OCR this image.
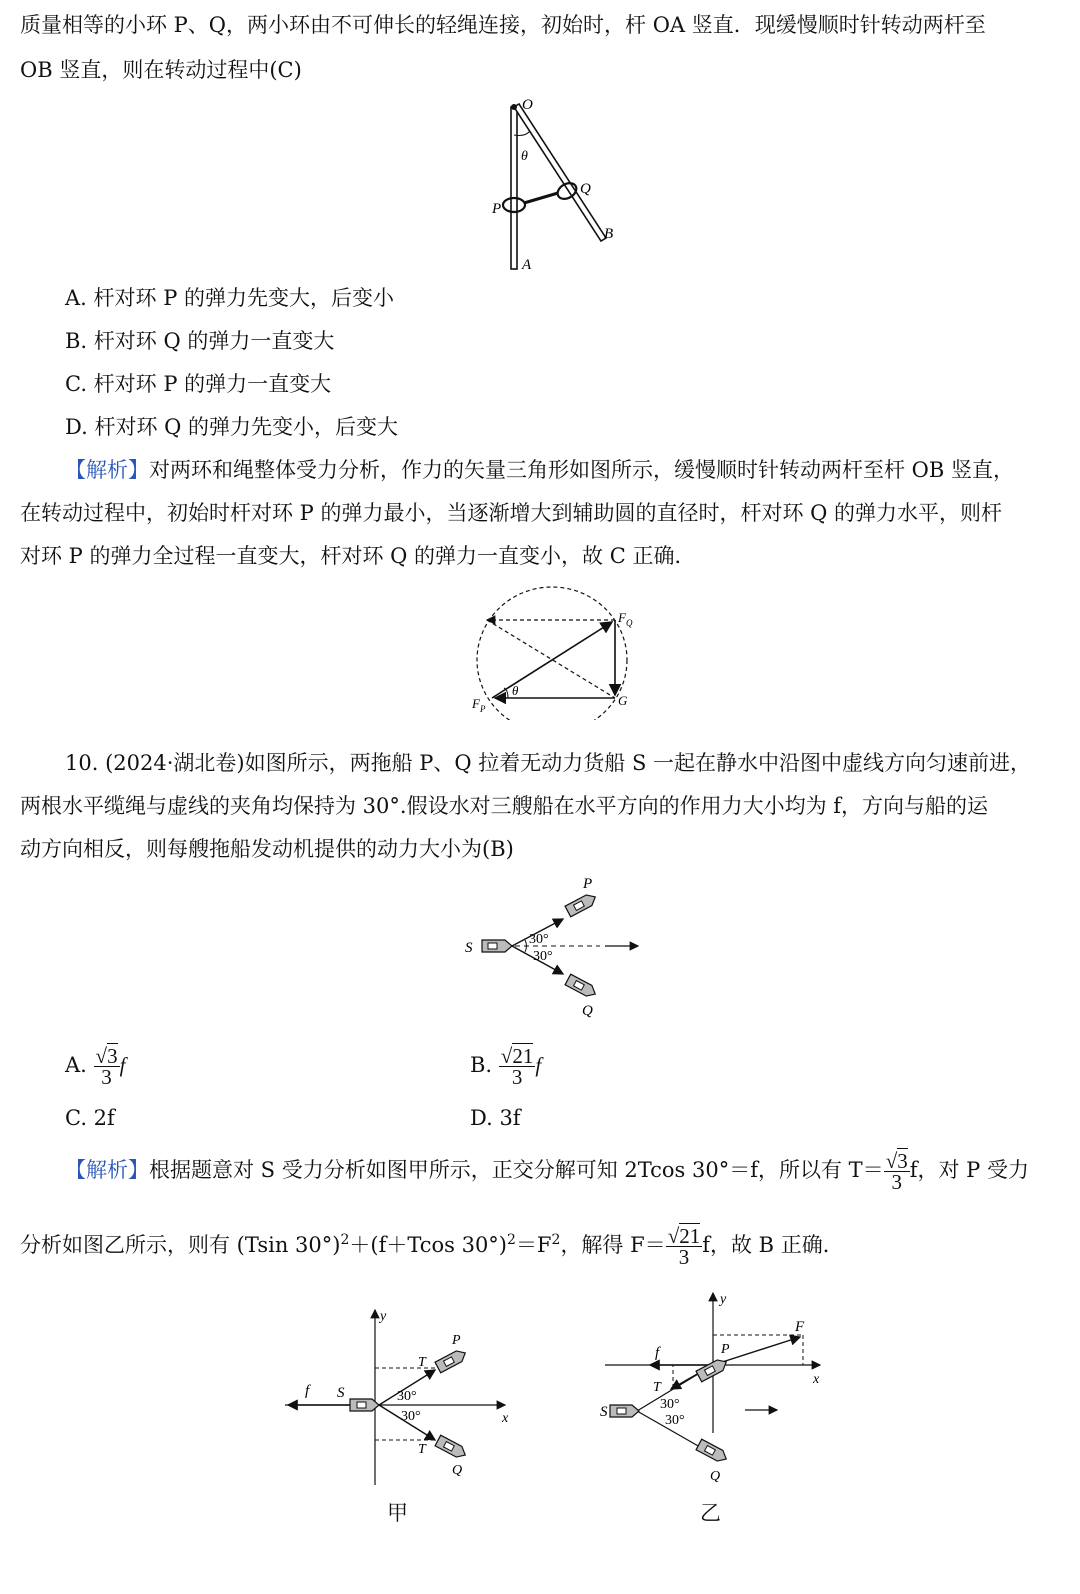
质量相等的小环 P、Q，两小环由不可伸长的轻绳连接，初始时，杆 OA 竖直．现缓慢顺时针转动两杆至
OB 竖直，则在转动过程中(C)
O
θ
P
Q
B
A
A. 杆对环 P 的弹力先变大，后变小
B. 杆对环 Q 的弹力一直变大
C. 杆对环 P 的弹力一直变大
D. 杆对环 Q 的弹力先变小，后变大
【解析】对两环和绳整体受力分析，作力的矢量三角形如图所示，缓慢顺时针转动两杆至杆 OB 竖直，
在转动过程中，初始时杆对环 P 的弹力最小，当逐渐增大到辅助圆的直径时，杆对环 Q 的弹力水平，则杆
对环 P 的弹力全过程一直变大，杆对环 Q 的弹力一直变小，故 C 正确．
θ
F Q
F P
G
10. (2024·湖北卷)如图所示，两拖船 P、Q 拉着无动力货船 S 一起在静水中沿图中虚线方向匀速前进，
两根水平缆绳与虚线的夹角均保持为 30°.假设水对三艘船在水平方向的作用力大小均为 f，方向与船的运
动方向相反，则每艘拖船发动机提供的动力大小为(B)
30°
30°
S
P
Q
A. $\frac{√3}{3}$ f	B. $\frac{√21}{3}$ f
C. 2f	D. 3f
【解析】根据题意对 S 受力分析如图甲所示，正交分解可知 2Tcos 30°＝f，所以有 $T= \frac{√3}{3}$ f，对 P 受力
分析如图乙所示，则有 (Tsin 30°)$^2$＋(f＋Tcos $30^\circ)^2=F^2$，解得 $F= \frac{√21}{3}$ f，故 B 正确．
y
x
f S
T
T
P
Q
30°
30°
甲
y
x
f
F
P
T
S
Q
30°
30°
乙
